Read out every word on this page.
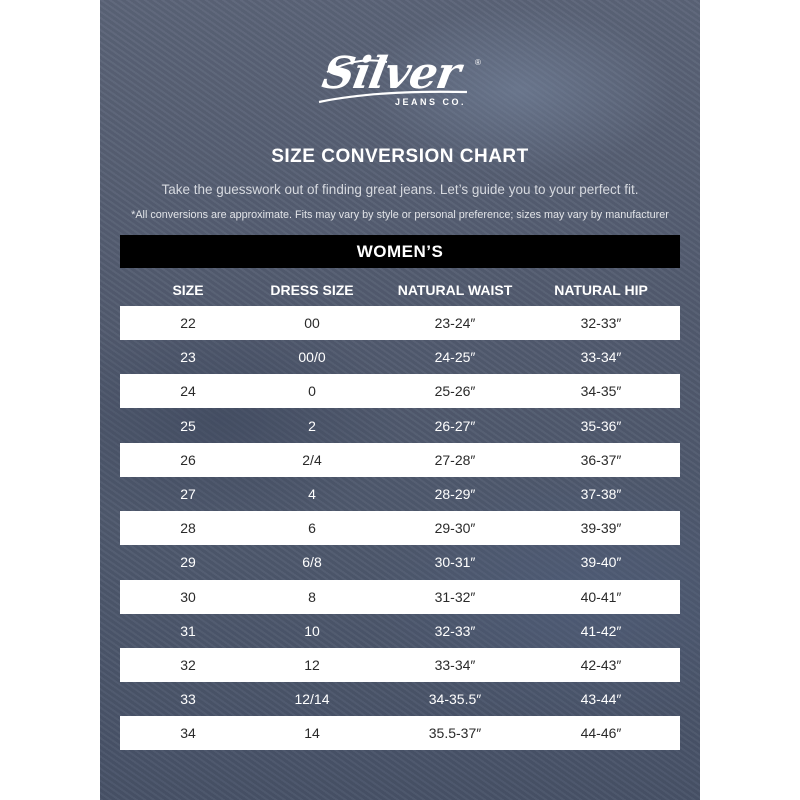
Silver ®
JEANS CO.
SIZE CONVERSION CHART
Take the guesswork out of finding great jeans. Let’s guide you to your perfect fit.
*All conversions are approximate. Fits may vary by style or personal preference; sizes may vary by manufacturer
WOMEN’S
SIZE	DRESS SIZE	NATURAL WAIST	NATURAL HIP
22	00	23-24″	32-33″
23	00/0	24-25″	33-34″
24	0	25-26″	34-35″
25	2	26-27″	35-36″
26	2/4	27-28″	36-37″
27	4	28-29″	37-38″
28	6	29-30″	39-39″
29	6/8	30-31″	39-40″
30	8	31-32″	40-41″
31	10	32-33″	41-42″
32	12	33-34″	42-43″
33	12/14	34-35.5″	43-44″
34	14	35.5-37″	44-46″
